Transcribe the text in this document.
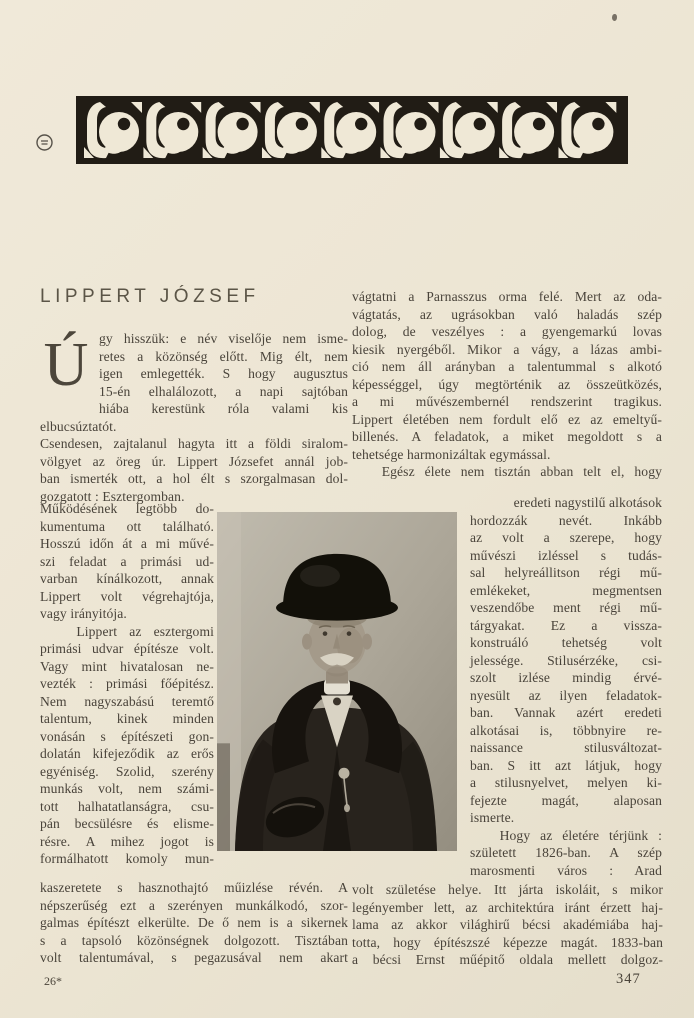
LIPPERT JÓZSEF
Ú gy hisszük: e név viselője nem isme-
retes a közönség előtt. Mig élt, nem
igen emlegették. S hogy augusztus
15-én elhalálozott, a napi sajtóban
hiába kerestünk róla valami kis elbucsúztatót.
Csendesen, zajtalanul hagyta itt a földi siralom-
völgyet az öreg úr. Lippert Józsefet annál job-
ban ismerték ott, a hol élt s szorgalmasan dol-
gozgatott : Esztergomban.
Működésének legtöbb do-
kumentuma ott található.
Hosszú időn át a mi művé-
szi feladat a primási ud-
varban kínálkozott, annak
Lippert volt végrehajtója,
vagy irányitója.
Lippert az esztergomi
primási udvar építésze volt.
Vagy mint hivatalosan ne-
vezték : primási főépitész.
Nem nagyszabású teremtő
talentum, kinek minden
vonásán s építészeti gon-
dolatán kifejeződik az erős
egyéniség. Szolid, szerény
munkás volt, nem számi-
tott halhatatlanságra, csu-
pán becsülésre és elisme-
résre. A mihez jogot is
formálhatott komoly mun-
kaszeretete s hasznothajtó műizlése révén. A
népszerűség ezt a szerényen munkálkodó, szor-
galmas építészt elkerülte. De ő nem is a sikernek
s a tapsoló közönségnek dolgozott. Tisztában
volt talentumával, s pegazusával nem akart
vágtatni a Parnasszus orma felé. Mert az oda-
vágtatás, az ugrásokban való haladás szép
dolog, de veszélyes : a gyengemarkú lovas
kiesik nyergéből. Mikor a vágy, a lázas ambi-
ció nem áll arányban a talentummal s alkotó
képességgel, úgy megtörténik az összeütközés,
a mi művészembernél rendszerint tragikus.
Lippert életében nem fordult elő ez az emeltyű-
billenés. A feladatok, a miket megoldott s a
tehetsége harmonizáltak egymással.
Egész élete nem tisztán abban telt el, hogy
eredeti nagystilű alkotások
hordozzák nevét. Inkább
az volt a szerepe, hogy
művészi izléssel s tudás-
sal helyreállitson régi mű-
emlékeket, megmentsen
veszendőbe ment régi mű-
tárgyakat. Ez a vissza-
konstruáló tehetség volt
jelessége. Stilusérzéke, csi-
szolt izlése mindig érvé-
nyesült az ilyen feladatok-
ban. Vannak azért eredeti
alkotásai is, többnyire re-
naissance stilusváltozat-
ban. S itt azt látjuk, hogy
a stilusnyelvet, melyen ki-
fejezte magát, alaposan
ismerte.
Hogy az életére térjünk :
született 1826-ban. A szép
marosmenti város : Arad
volt születése helye. Itt járta iskoláit, s mikor
legényember lett, az architektúra iránt érzett haj-
lama az akkor világhirű bécsi akadémiába haj-
totta, hogy építészszé képezze magát. 1833-ban
a bécsi Ernst műépitő oldala mellett dolgoz-
26*	347
